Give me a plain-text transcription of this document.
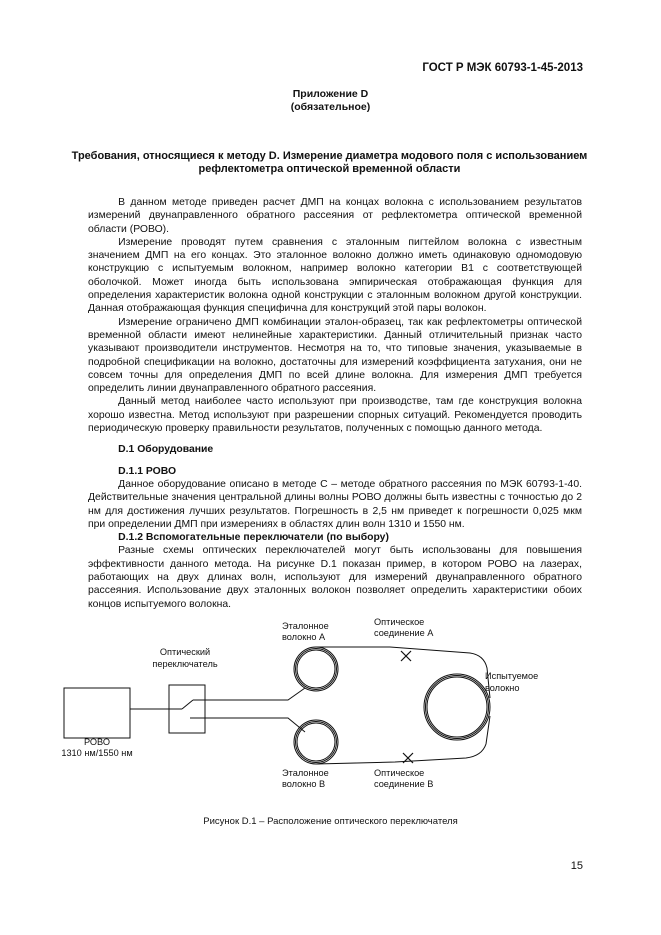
ГОСТ Р МЭК 60793-1-45-2013
Приложение D
(обязательное)
Требования, относящиеся к методу D. Измерение диаметра модового поля с использованием рефлектометра оптической временной области

В данном методе приведен расчет ДМП на концах волокна с использованием результатов измерений двунаправленного обратного рассеяния от рефлектометра оптической временной области (РОВО).

Измерение проводят путем сравнения с эталонным пигтейлом волокна с известным значением ДМП на его концах. Это эталонное волокно должно иметь одинаковую одномодовую конструкцию с испытуемым волокном, например волокно категории В1 с соответствующей оболочкой. Может иногда быть использована эмпирическая отображающая функция для определения характеристик волокна одной конструкции с эталонным волокном другой конструкции. Данная отображающая функция специфична для конструкций этой пары волокон.

Измерение ограничено ДМП комбинации эталон-образец, так как рефлектометры оптической временной области имеют нелинейные характеристики. Данный отличительный признак часто указывают производители инструментов. Несмотря на то, что типовые значения, указываемые в подробной спецификации на волокно, достаточны для измерений коэффициента затухания, они не совсем точны для определения ДМП по всей длине волокна. Для измерения ДМП требуется определить линии двунаправленного обратного рассеяния.

Данный метод наиболее часто используют при производстве, там где конструкция волокна хорошо известна. Метод используют при разрешении спорных ситуаций. Рекомендуется проводить периодическую проверку правильности результатов, полученных с помощью данного метода.

D.1 Оборудование
D.1.1 РОВО

Данное оборудование описано в методе С – методе обратного рассеяния по МЭК 60793-1-40. Действительные значения центральной длины волны РОВО должны быть известны с точностью до 2 нм для достижения лучших результатов. Погрешность в 2,5 нм приведет к погрешности 0,025 мкм при определении ДМП при измерениях в областях длин волн 1310 и 1550 нм.

D.1.2 Вспомогательные переключатели (по выбору)

Разные схемы оптических переключателей могут быть использованы для повышения эффективности данного метода. На рисунке D.1 показан пример, в котором РОВО на лазерах, работающих на двух длинах волн, используют для измерений двунаправленного обратного рассеяния. Использование двух эталонных волокон позволяет определить характеристики обоих концов испытуемого волокна.

РОВО
1310 нм/1550 нм
Оптический
переключатель
Эталонное
волокно А
Эталонное
волокно В
Оптическое
соединение А
Оптическое
соединение В
Испытуемое
волокно
Рисунок D.1 – Расположение оптического переключателя
15
